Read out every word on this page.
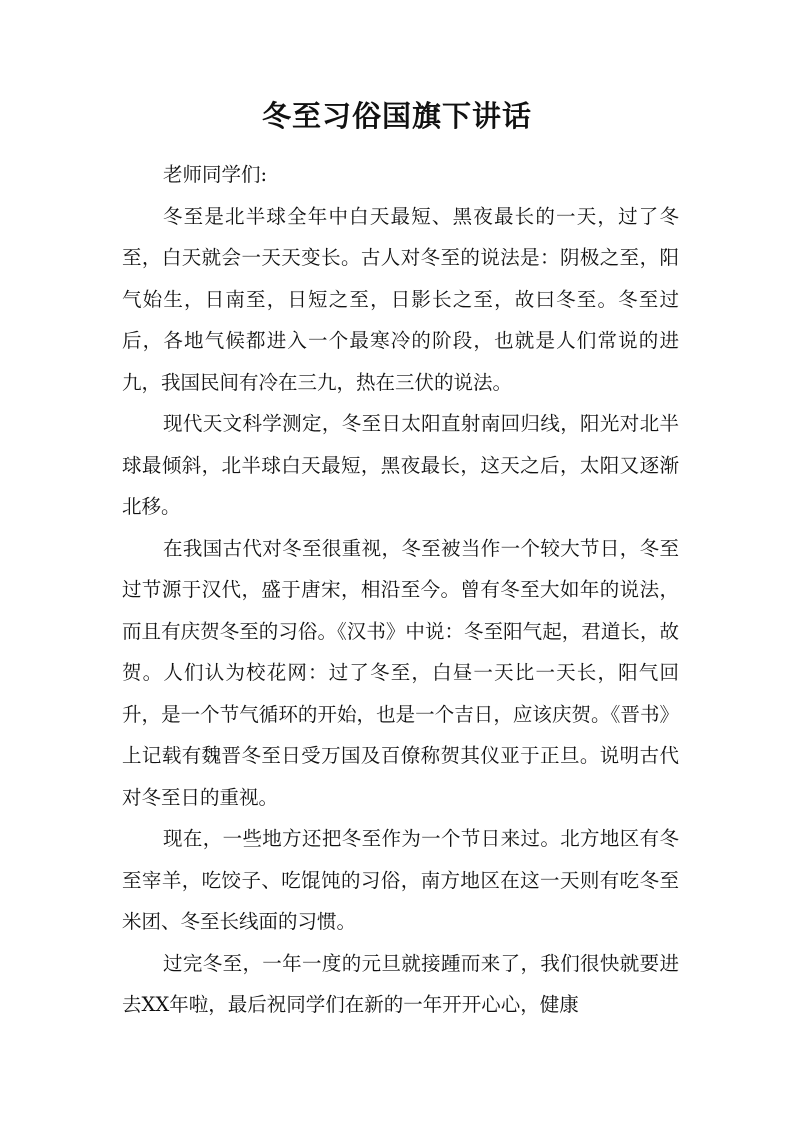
冬至习俗国旗下讲话

老师同学们:

冬至是北半球全年中白天最短、黑夜最长的一天，过了冬至，白天就会一天天变长。古人对冬至的说法是：阴极之至，阳气始生，日南至，日短之至，日影长之至，故曰冬至。冬至过后，各地气候都进入一个最寒冷的阶段，也就是人们常说的进九，我国民间有冷在三九，热在三伏的说法。

现代天文科学测定，冬至日太阳直射南回归线，阳光对北半球最倾斜，北半球白天最短，黑夜最长，这天之后，太阳又逐渐北移。

在我国古代对冬至很重视，冬至被当作一个较大节日，冬至过节源于汉代，盛于唐宋，相沿至今。曾有冬至大如年的说法，而且有庆贺冬至的习俗。《汉书》中说：冬至阳气起，君道长，故贺。人们认为校花网：过了冬至，白昼一天比一天长，阳气回升，是一个节气循环的开始，也是一个吉日，应该庆贺。《晋书》上记载有魏晋冬至日受万国及百僚称贺其仪亚于正旦。说明古代对冬至日的重视。

现在，一些地方还把冬至作为一个节日来过。北方地区有冬至宰羊，吃饺子、吃馄饨的习俗，南方地区在这一天则有吃冬至米团、冬至长线面的习惯。

过完冬至，一年一度的元旦就接踵而来了，我们很快就要进去XX年啦，最后祝同学们在新的一年开开心心，健康
